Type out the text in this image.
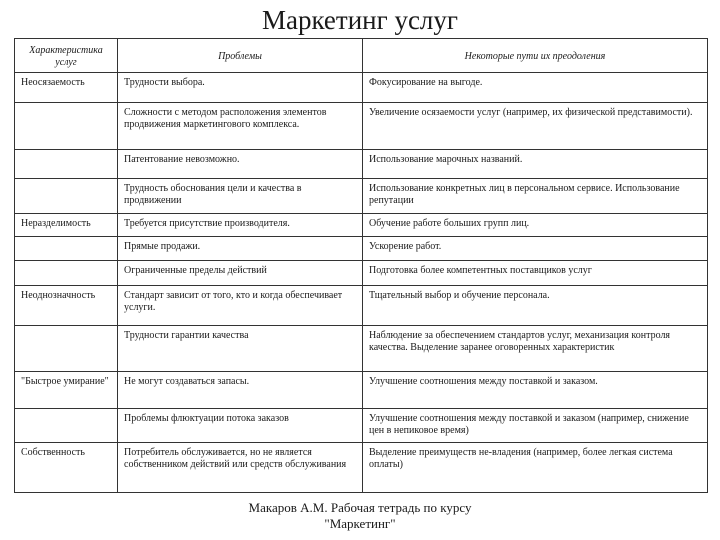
Маркетинг услуг
Характеристика услуг	Проблемы	Некоторые пути их преодоления
Неосязаемость	Трудности выбора.	Фокусирование на выгоде.
	Сложности с методом расположения элементов продвижения маркетингового комплекса.	Увеличение осязаемости услуг (например, их физической представимости).
	Патентование невозможно.	Использование марочных названий.
	Трудность обоснования цели и качества в продвижении	Использование конкретных лиц в персональном сервисе. Использование репутации
Неразделимость	Требуется присутствие производителя.	Обучение работе больших групп лиц.
	Прямые продажи.	Ускорение работ.
	Ограниченные пределы действий	Подготовка более компетентных поставщиков услуг
Неоднозначность	Стандарт зависит от того, кто и когда обеспечивает услуги.	Тщательный выбор и обучение персонала.
	Трудности гарантии качества	Наблюдение за обеспечением стандартов услуг, механизация контроля качества. Выделение заранее оговоренных характеристик
"Быстрое умирание"	Не могут создаваться запасы.	Улучшение соотношения между поставкой и заказом.
	Проблемы флюктуации потока заказов	Улучшение соотношения между поставкой и заказом (например, снижение цен в непиковое время)
Собственность	Потребитель обслуживается, но не является собственником действий или средств обслуживания	Выделение преимуществ не-владения (например, более легкая система оплаты)
Макаров А.М. Рабочая тетрадь по курсу "Маркетинг"
